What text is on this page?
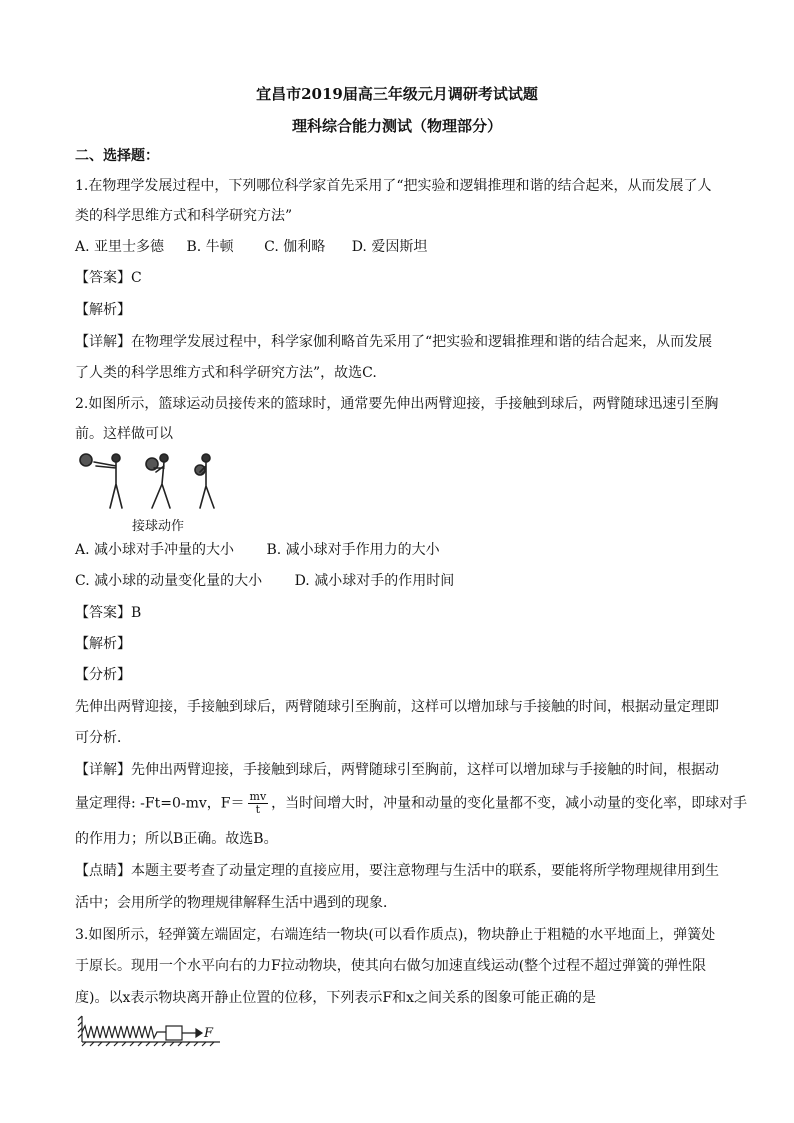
宜昌市2019届高三年级元月调研考试试题
理科综合能力测试（物理部分）
二、选择题：
1.在物理学发展过程中，下列哪位科学家首先采用了“把实验和逻辑推理和谐的结合起来，从而发展了人
类的科学思维方式和科学研究方法”
A. 亚里士多德 B. 牛顿 C. 伽利略 D. 爱因斯坦
【答案】C
【解析】
【详解】在物理学发展过程中，科学家伽利略首先采用了“把实验和逻辑推理和谐的结合起来，从而发展
了人类的科学思维方式和科学研究方法”，故选C.
2.如图所示，篮球运动员接传来的篮球时，通常要先伸出两臂迎接，手接触到球后，两臂随球迅速引至胸
前。这样做可以
接球动作
A. 减小球对手冲量的大小 B. 减小球对手作用力的大小
C. 减小球的动量变化量的大小 D. 减小球对手的作用时间
【答案】B
【解析】
【分析】
先伸出两臂迎接，手接触到球后，两臂随球引至胸前，这样可以增加球与手接触的时间，根据动量定理即
可分析．
【详解】先伸出两臂迎接，手接触到球后，两臂随球引至胸前，这样可以增加球与手接触的时间，根据动
量定理得: -Ft=0-mv，$F= \frac{mv}{t}$ ，当时间增大时，冲量和动量的变化量都不变，减小动量的变化率，即球对手
的作用力；所以B正确。故选B。
【点睛】本题主要考查了动量定理的直接应用，要注意物理与生活中的联系，要能将所学物理规律用到生
活中；会用所学的物理规律解释生活中遇到的现象．
3.如图所示，轻弹簧左端固定，右端连结一物块(可以看作质点)，物块静止于粗糙的水平地面上，弹簧处
于原长。现用一个水平向右的力F拉动物块，使其向右做匀加速直线运动(整个过程不超过弹簧的弹性限
度)。以x表示物块离开静止位置的位移，下列表示F和x之间关系的图象可能正确的是
F
